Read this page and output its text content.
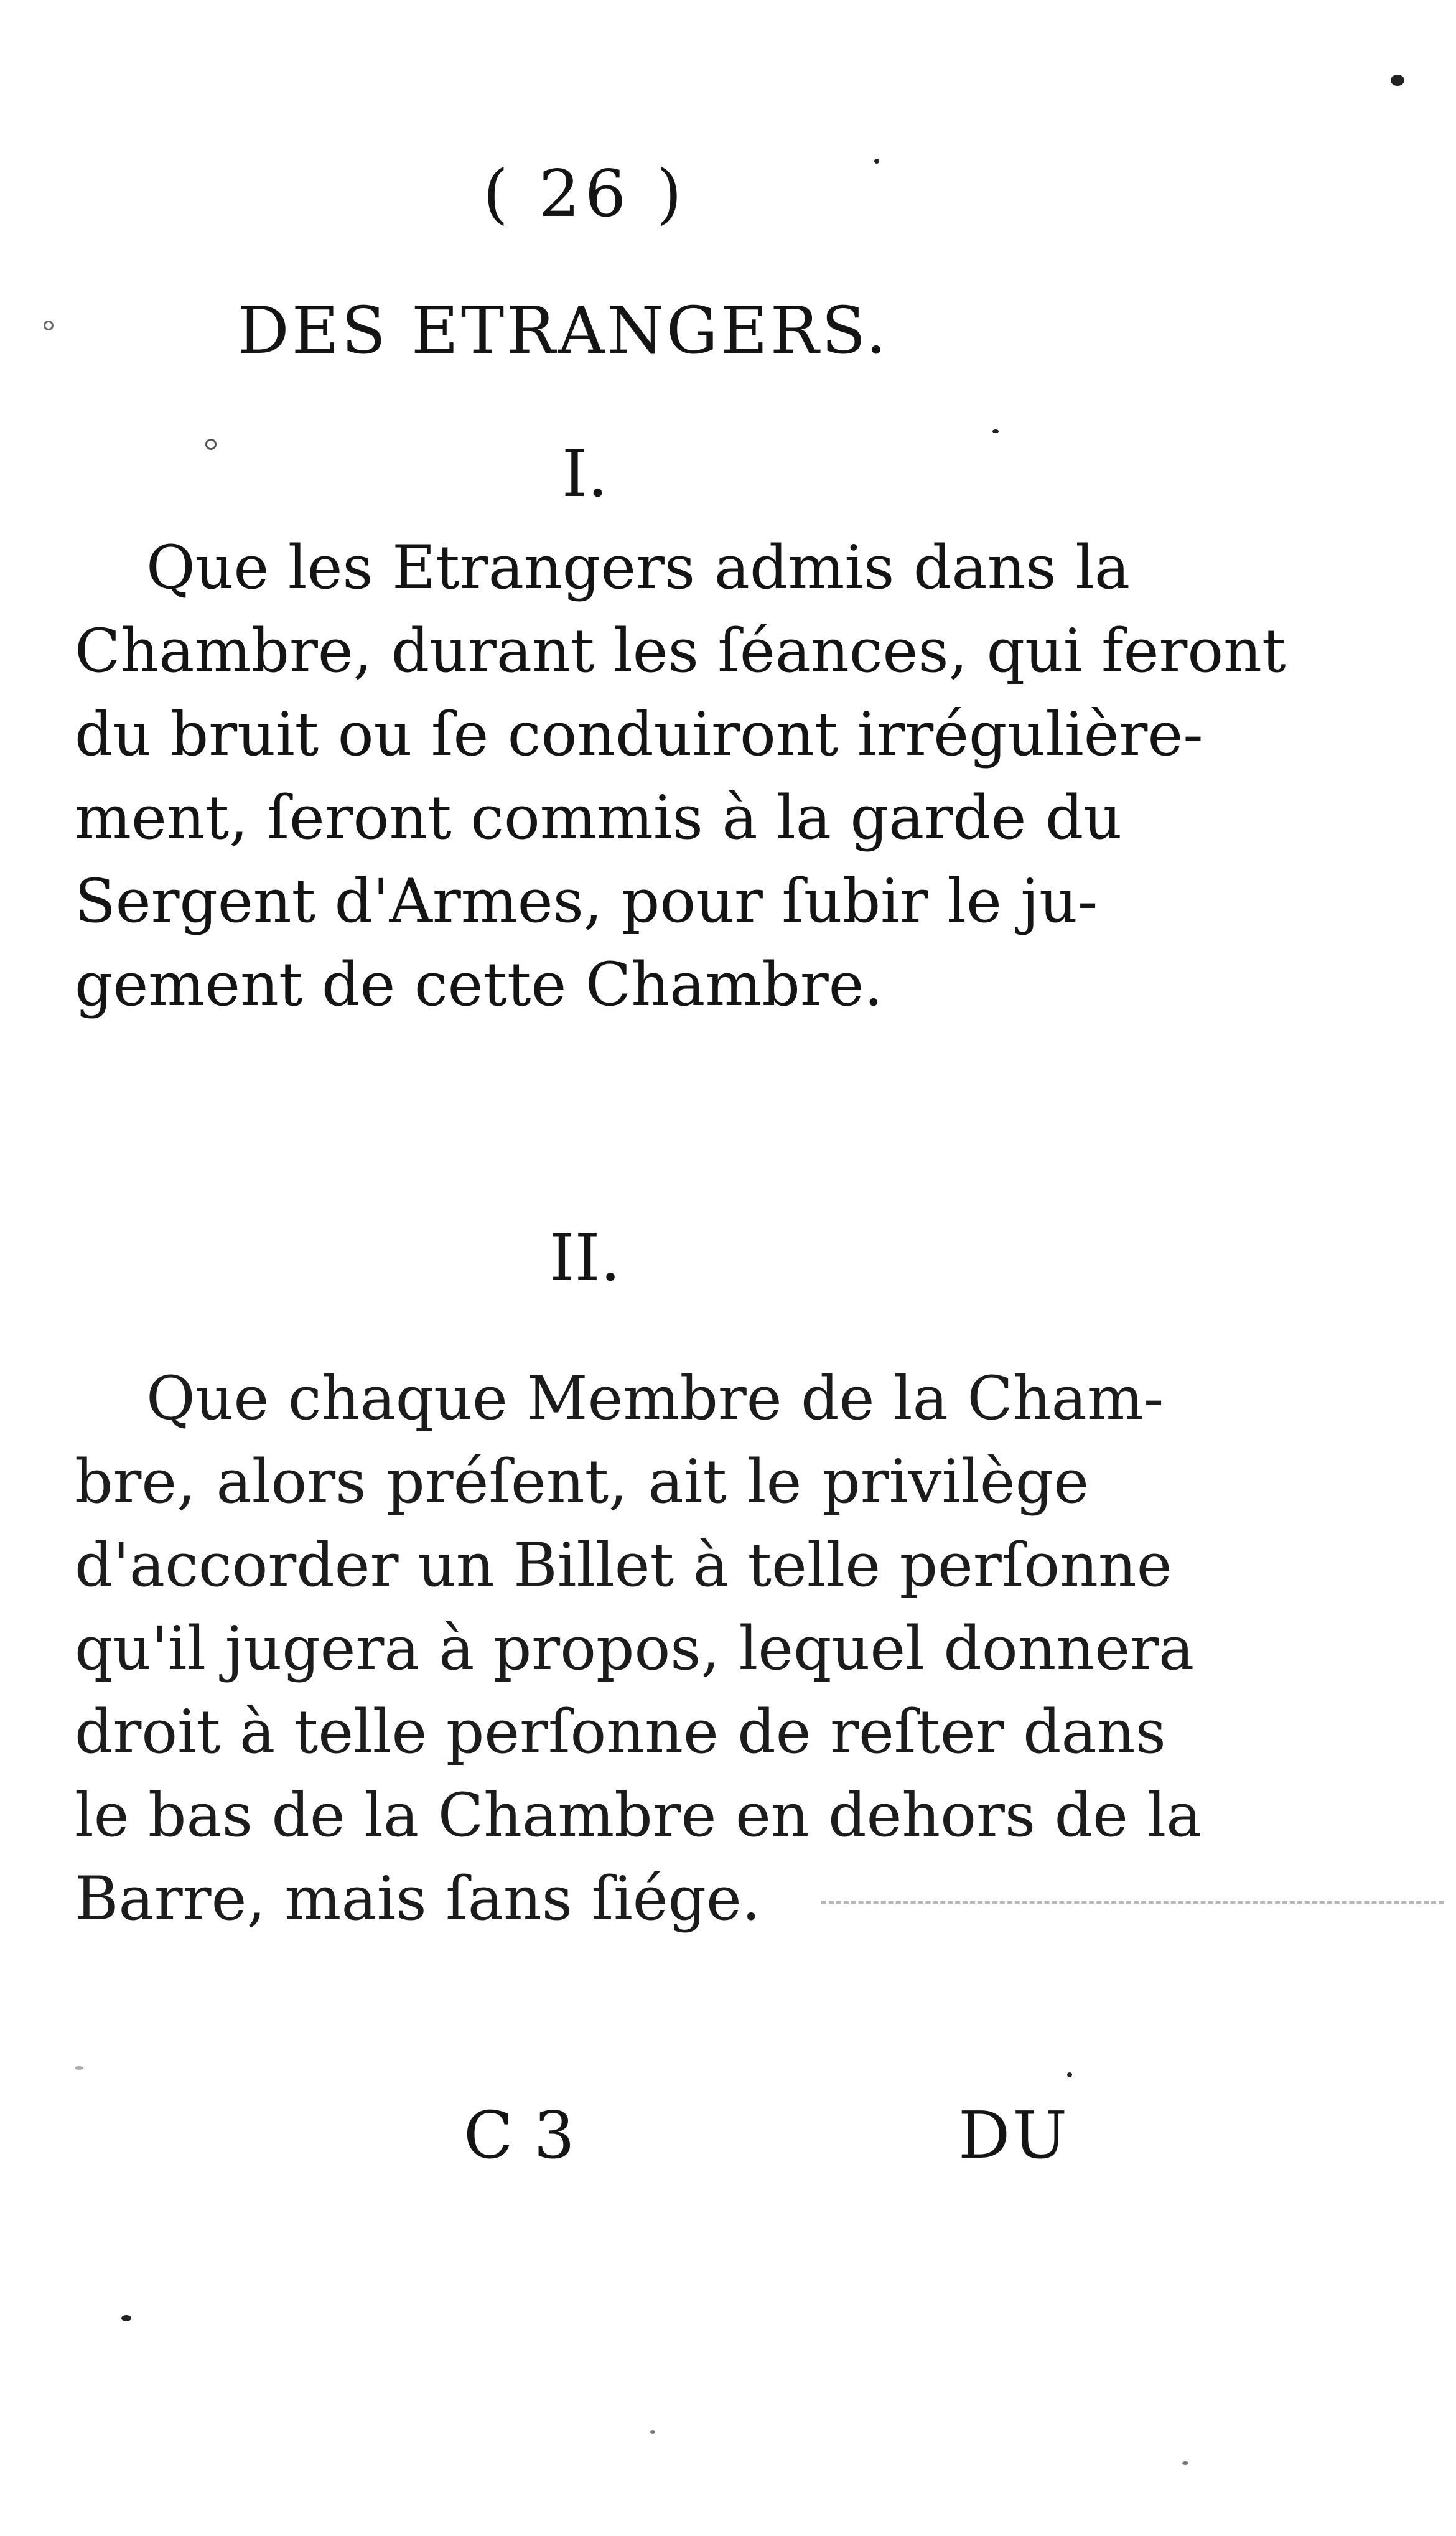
( 26 )
DES ETRANGERS.
I.
Que les Etrangers admis dans la
Chambre, durant les ſéances, qui feront
du bruit ou ſe conduiront irrégulière-
ment, ſeront commis à la garde du
Sergent d'Armes, pour ſubir le ju-
gement de cette Chambre.
II.
Que chaque Membre de la Cham-
bre, alors préſent, ait le privilège
d'accorder un Billet à telle perſonne
qu'il jugera à propos, lequel donnera
droit à telle perſonne de reſter dans
le bas de la Chambre en dehors de la
Barre, mais ſans ſiége.
C 3	DU
